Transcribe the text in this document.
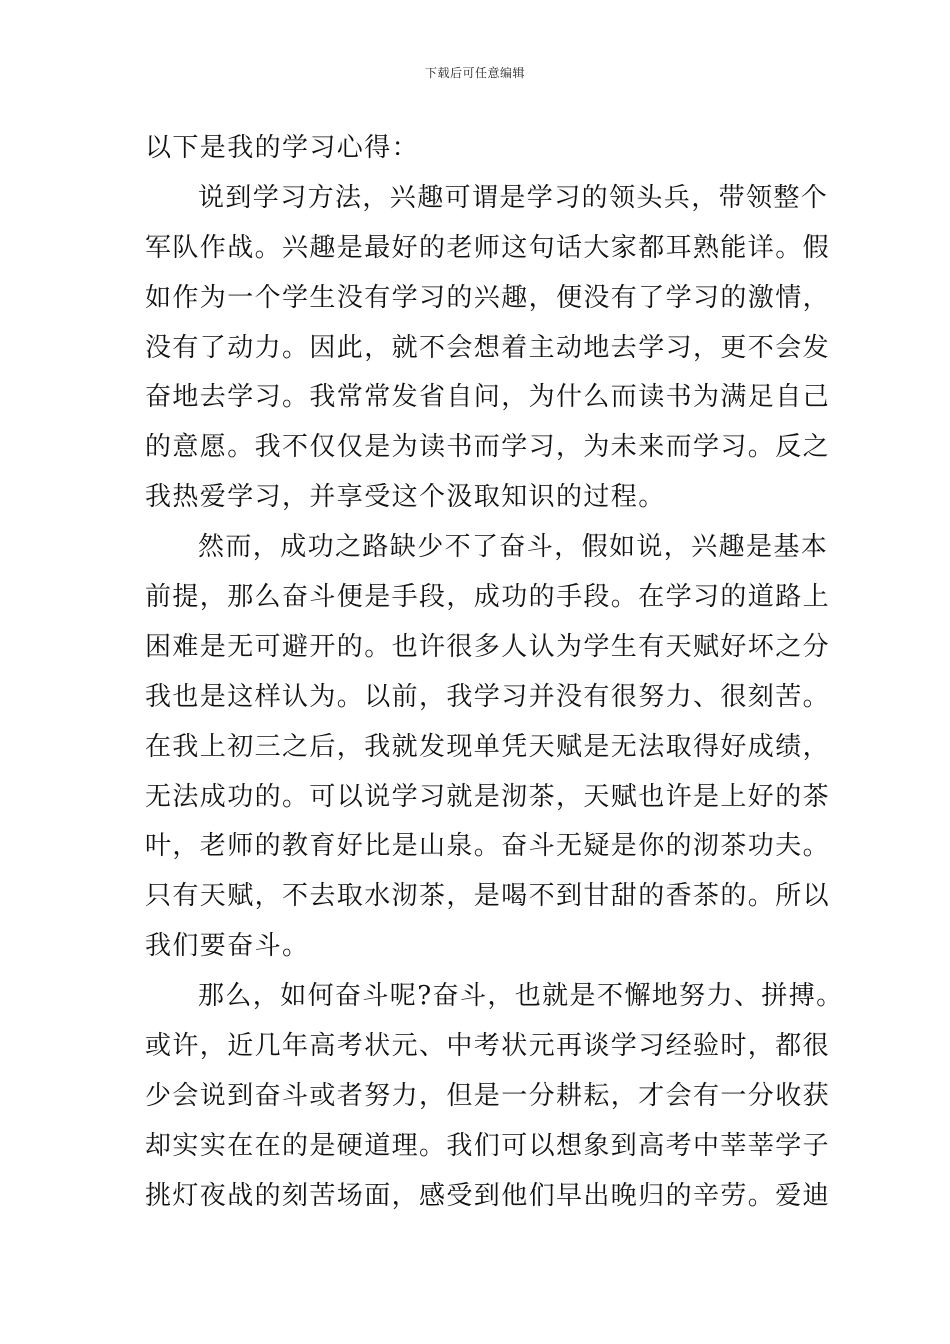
下载后可任意编辑
以下是我的学习心得：
说到学习方法，兴趣可谓是学习的领头兵，带领整个
军队作战。兴趣是最好的老师这句话大家都耳熟能详。假
如作为一个学生没有学习的兴趣，便没有了学习的激情，
没有了动力。因此，就不会想着主动地去学习，更不会发
奋地去学习。我常常发省自问，为什么而读书为满足自己
的意愿。我不仅仅是为读书而学习，为未来而学习。反之
我热爱学习，并享受这个汲取知识的过程。
然而，成功之路缺少不了奋斗，假如说，兴趣是基本
前提，那么奋斗便是手段，成功的手段。在学习的道路上
困难是无可避开的。也许很多人认为学生有天赋好坏之分
我也是这样认为。以前，我学习并没有很努力、很刻苦。
在我上初三之后，我就发现单凭天赋是无法取得好成绩，
无法成功的。可以说学习就是沏茶，天赋也许是上好的茶
叶，老师的教育好比是山泉。奋斗无疑是你的沏茶功夫。
只有天赋，不去取水沏茶，是喝不到甘甜的香茶的。所以
我们要奋斗。
那么，如何奋斗呢?奋斗，也就是不懈地努力、拼搏。
或许，近几年高考状元、中考状元再谈学习经验时，都很
少会说到奋斗或者努力，但是一分耕耘，才会有一分收获
却实实在在的是硬道理。我们可以想象到高考中莘莘学子
挑灯夜战的刻苦场面，感受到他们早出晚归的辛劳。爱迪
